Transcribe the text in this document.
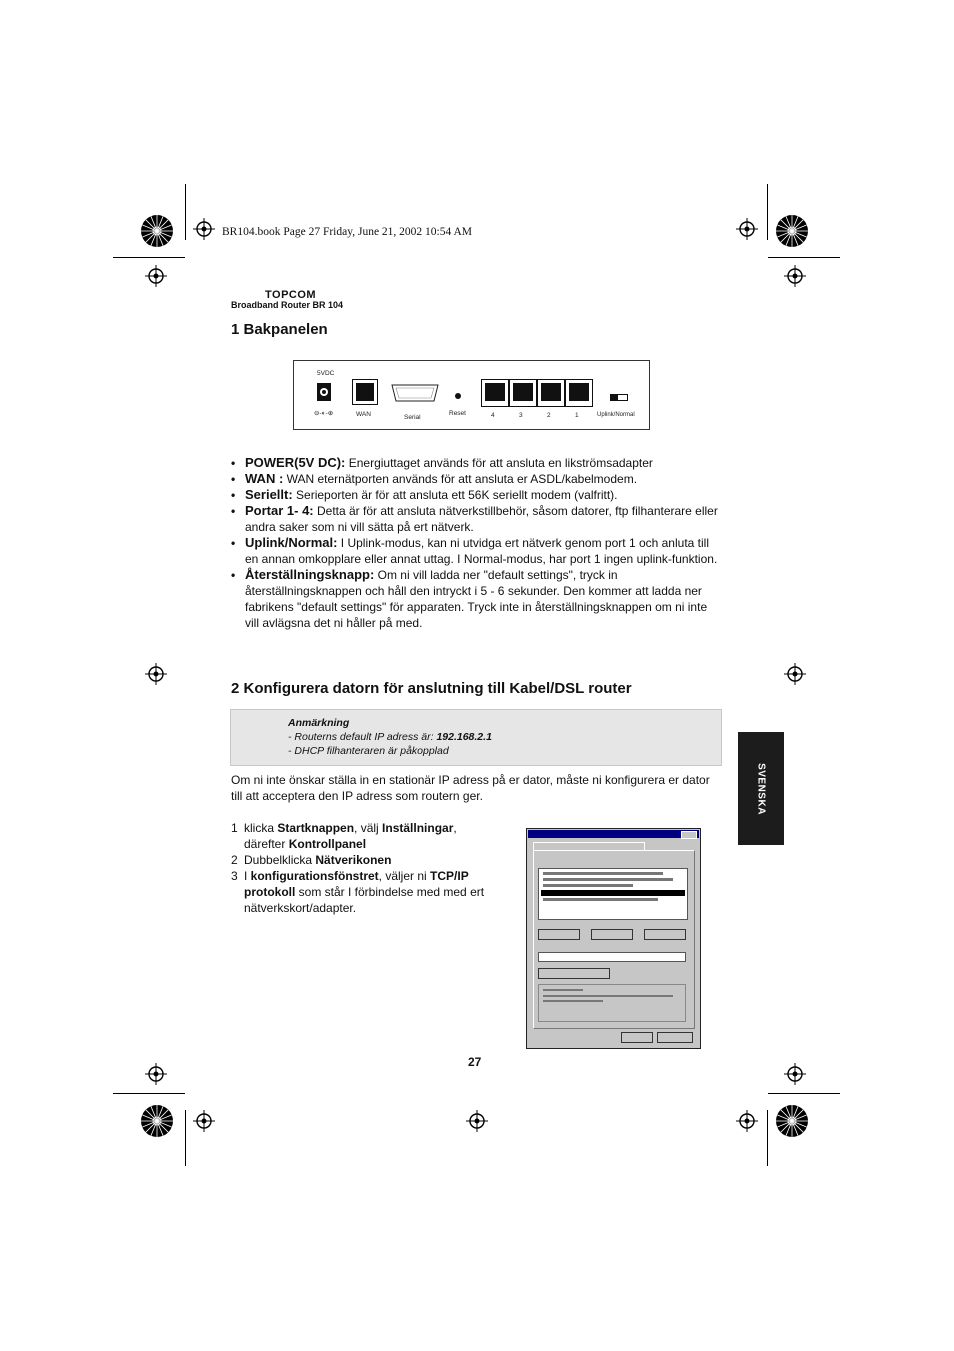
BR104.book Page 27 Friday, June 21, 2002 10:54 AM
TOPCOM
Broadband Router BR 104
1 Bakpanelen
5VDC
⊖-◐-⊕	WAN	Serial
Reset	4	3	2	1	Uplink/Normal
• POWER(5V DC): Energiuttaget används för att ansluta en likströmsadapter
• WAN : WAN eternätporten används för att ansluta er ASDL/kabelmodem.
• Seriellt: Serieporten är för att ansluta ett 56K seriellt modem (valfritt).
• Portar 1- 4: Detta är för att ansluta nätverkstillbehör, såsom datorer, ftp filhanterare eller andra saker som ni vill sätta på ert nätverk.
• Uplink/Normal: I Uplink-modus, kan ni utvidga ert nätverk genom port 1 och anluta till en annan omkopplare eller annat uttag. I Normal-modus, har port 1 ingen uplink-funktion.
• Återställningsknapp: Om ni vill ladda ner "default settings", tryck in återställningsknappen och håll den intryckt i 5 - 6 sekunder. Den kommer att ladda ner fabrikens "default settings" för apparaten. Tryck inte in återställningsknappen om ni inte vill avlägsna det ni håller på med.
2 Konfigurera datorn för anslutning till Kabel/DSL router
Anmärkning
- Routerns default IP adress är: 192.168.2.1
- DHCP filhanteraren är påkopplad
Om ni inte önskar ställa in en stationär IP adress på er dator, måste ni konfigurera er dator till att acceptera den IP adress som routern ger.
1 klicka Startknappen, välj Inställningar, därefter Kontrollpanel
2 Dubbelklicka Nätverikonen
3 I konfigurationsfönstret, väljer ni TCP/IP protokoll som står I förbindelse med med ert nätverkskort/adapter.
27
SVENSKA
